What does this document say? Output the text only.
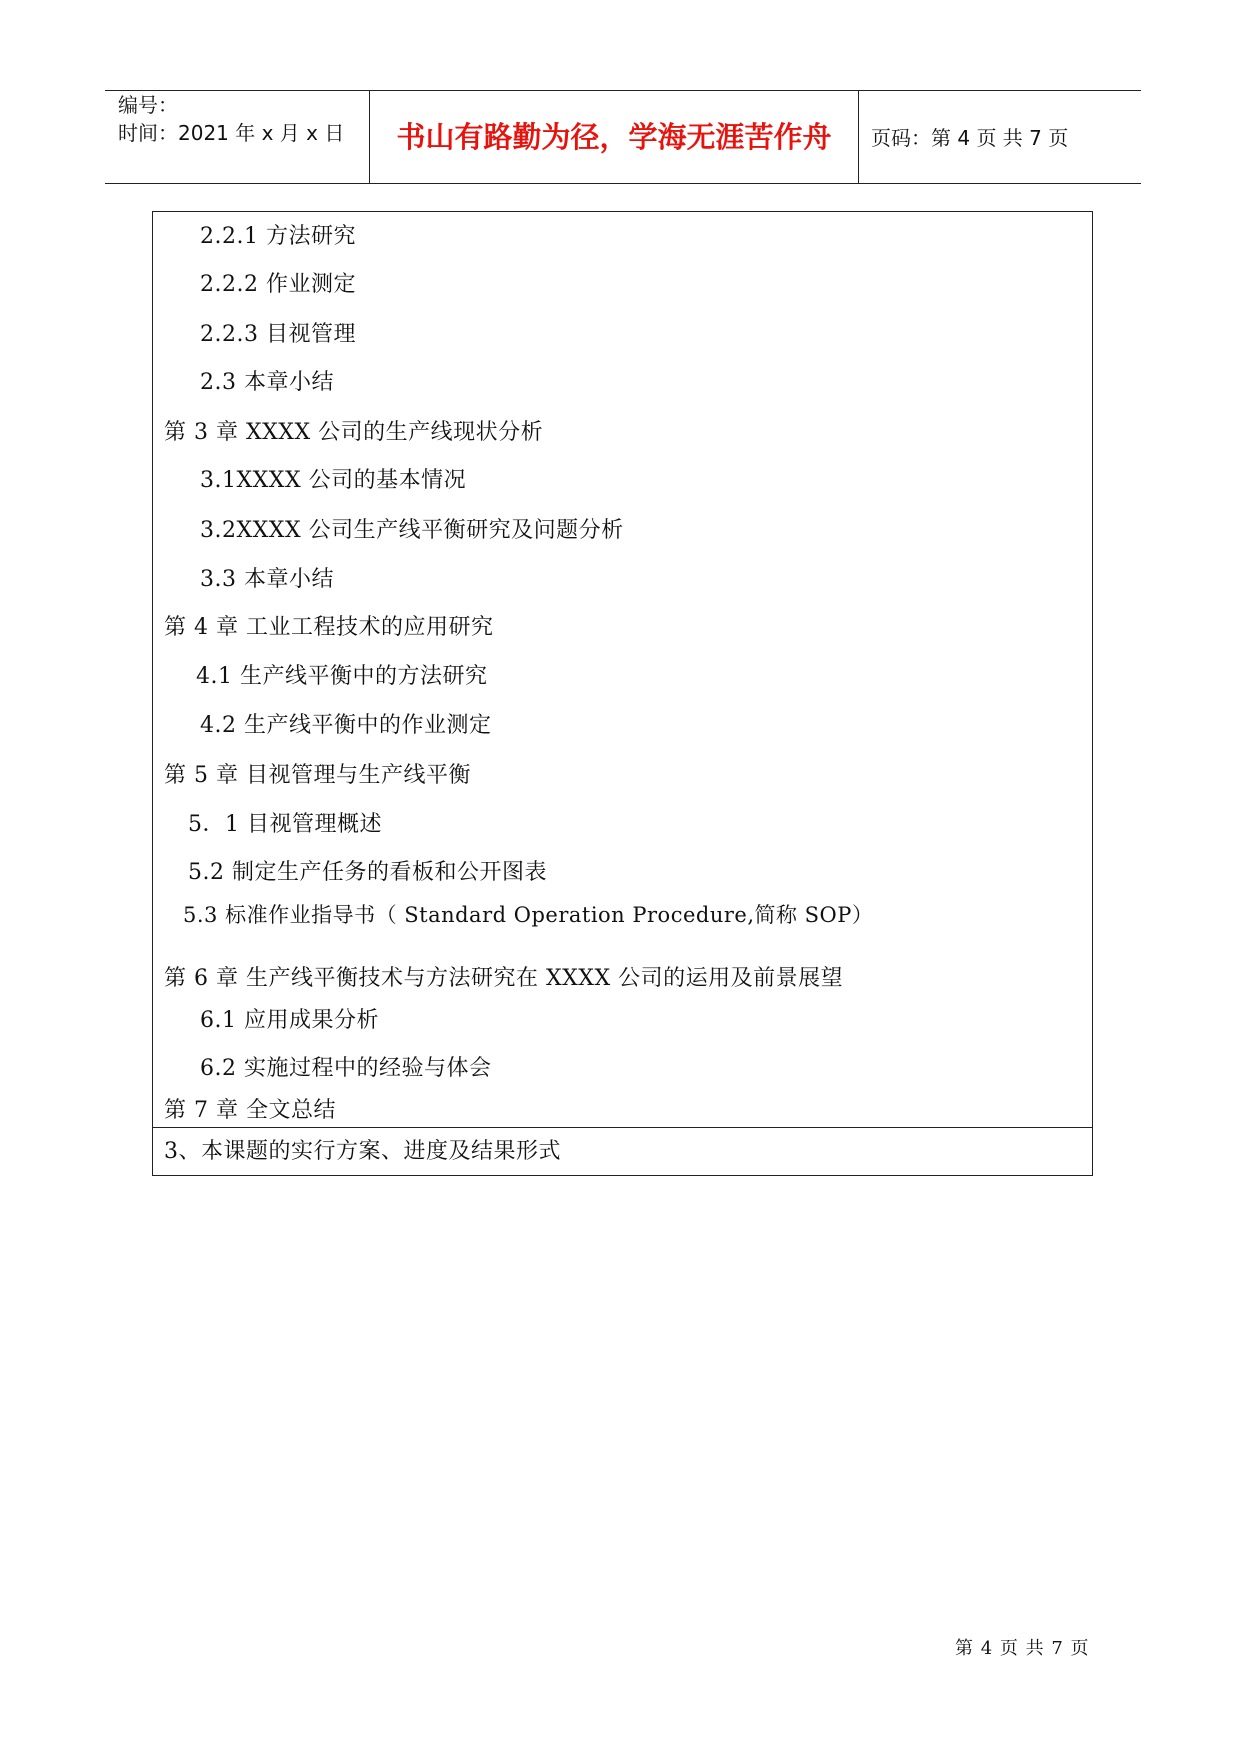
编号：
时间：2021 年 x 月 x 日	书山有路勤为径，学海无涯苦作舟	页码：第 4 页 共 7 页
2.2.1 方法研究
2.2.2 作业测定
2.2.3 目视管理
2.3 本章小结
第 3 章 XXXX 公司的生产线现状分析
3.1XXXX 公司的基本情况
3.2XXXX 公司生产线平衡研究及问题分析
3.3 本章小结
第 4 章 工业工程技术的应用研究
4.1 生产线平衡中的方法研究
4.2 生产线平衡中的作业测定
第 5 章 目视管理与生产线平衡
5．1 目视管理概述
5.2 制定生产任务的看板和公开图表
5.3 标准作业指导书（ Standard Operation Procedure,简称 SOP）
第 6 章 生产线平衡技术与方法研究在 XXXX 公司的运用及前景展望
6.1 应用成果分析
6.2 实施过程中的经验与体会
第 7 章 全文总结
3、本课题的实行方案、进度及结果形式
第 4 页 共 7 页
